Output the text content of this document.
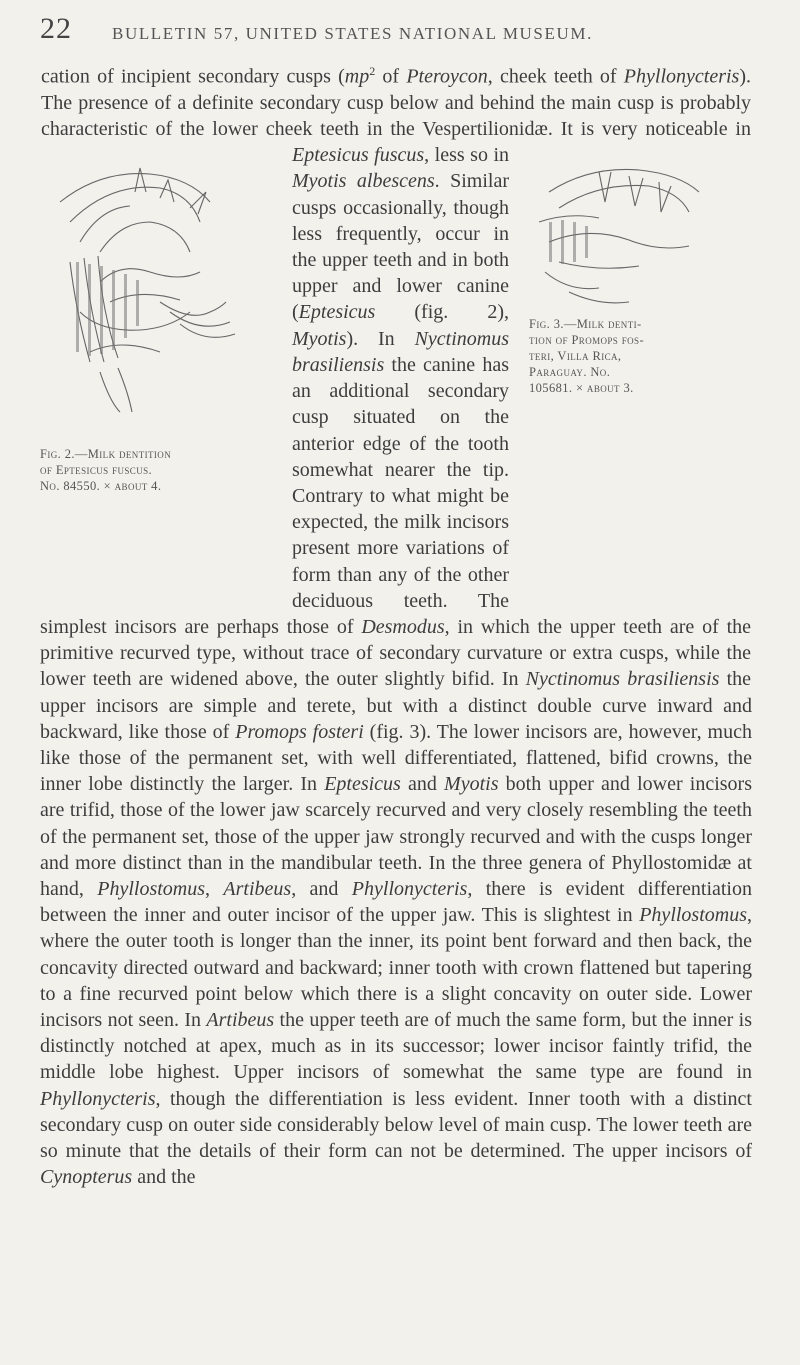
22 BULLETIN 57, UNITED STATES NATIONAL MUSEUM.
Fig. 2.—Milk dentition
of Eptesicus fuscus.
No. 84550. × about 4.
Fig. 3.—Milk denti-
tion of Promops fos-
teri, Villa Rica,
Paraguay. No.
105681. × about 3.

cation of incipient secondary cusps ($mp^2$ of Pteroycon, cheek teeth of Phyllonycteris). The presence of a definite secondary cusp below and behind the main cusp is probably characteristic of the lower cheek teeth in the Vespertilionidæ. It is very noticeable in Eptesicus fuscus, less so in Myotis albescens. Similar cusps occasionally, though less frequently, occur in the upper teeth and in both upper and lower canine (Eptesicus (fig. 2), Myotis). In Nyctinomus brasiliensis the canine has an additional secondary cusp situated on the anterior edge of the tooth somewhat nearer the tip. Contrary to what might be expected, the milk incisors present more variations of form than any of the other deciduous teeth. The simplest incisors are perhaps those of Desmodus, in which the upper teeth are of the primitive recurved type, without trace of secondary curvature or extra cusps, while the lower teeth are widened above, the outer slightly bifid. In Nyctinomus brasiliensis the upper incisors are simple and terete, but with a distinct double curve inward and backward, like those of Promops fosteri (fig. 3). The lower incisors are, however, much like those of the permanent set, with well differentiated, flattened, bifid crowns, the inner lobe distinctly the larger. In Eptesicus and Myotis both upper and lower incisors are trifid, those of the lower jaw scarcely recurved and very closely resembling the teeth of the permanent set, those of the upper jaw strongly recurved and with the cusps longer and more distinct than in the mandibular teeth. In the three genera of Phyllostomidæ at hand, Phyllostomus, Artibeus, and Phyllonycteris, there is evident differentiation between the inner and outer incisor of the upper jaw. This is slightest in Phyllostomus, where the outer tooth is longer than the inner, its point bent forward and then back, the concavity directed outward and backward; inner tooth with crown flattened but tapering to a fine recurved point below which there is a slight concavity on outer side. Lower incisors not seen. In Artibeus the upper teeth are of much the same form, but the inner is distinctly notched at apex, much as in its successor; lower incisor faintly trifid, the middle lobe highest. Upper incisors of somewhat the same type are found in Phyllonycteris, though the differentiation is less evident. Inner tooth with a distinct secondary cusp on outer side considerably below level of main cusp. The lower teeth are so minute that the details of their form can not be determined. The upper incisors of Cynopterus and the
